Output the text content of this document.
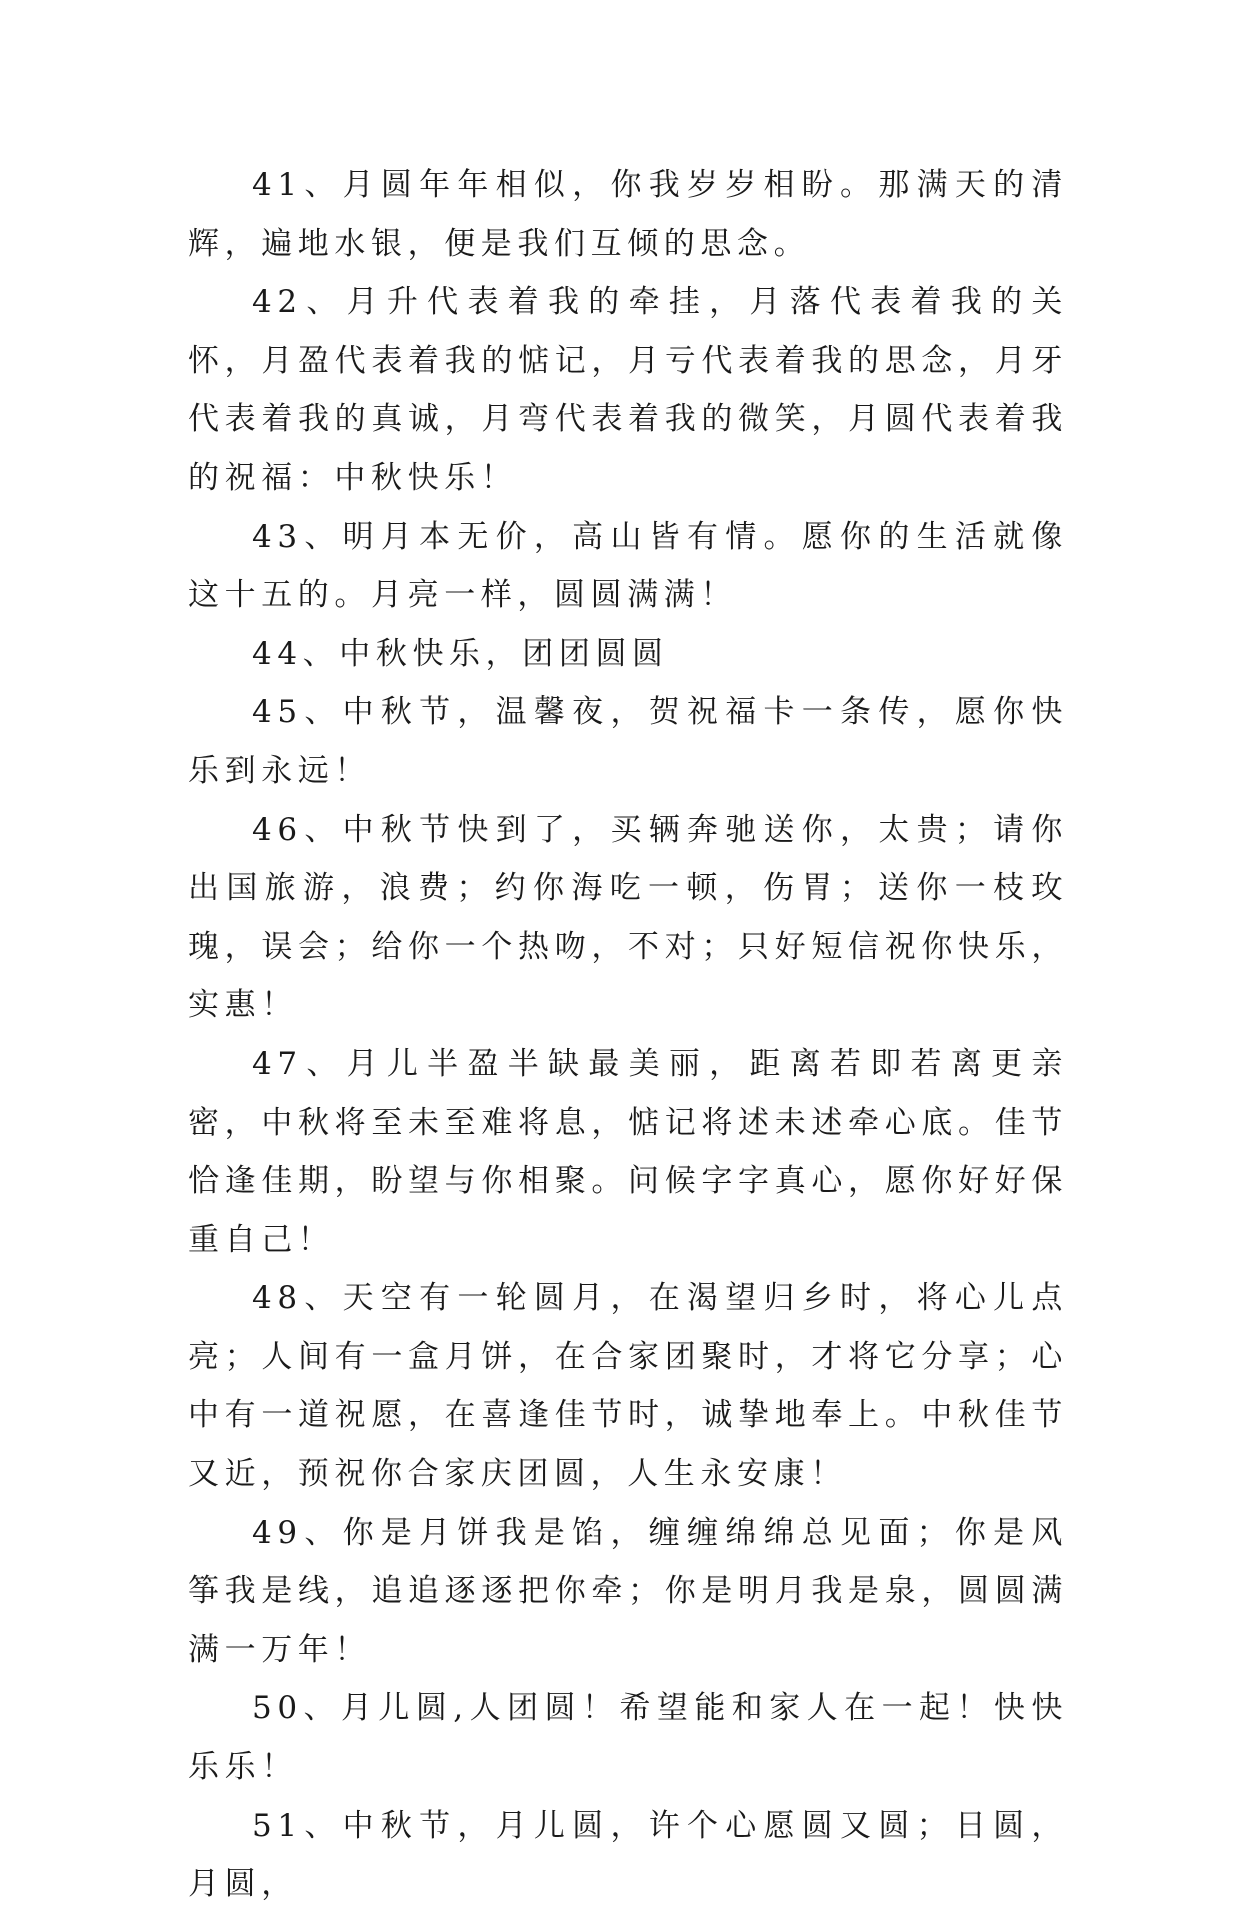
41、月圆年年相似，你我岁岁相盼。那满天的清辉，遍地水银，便是我们互倾的思念。

42、月升代表着我的牵挂，月落代表着我的关怀，月盈代表着我的惦记，月亏代表着我的思念，月牙代表着我的真诚，月弯代表着我的微笑，月圆代表着我的祝福：中秋快乐！

43、明月本无价，高山皆有情。愿你的生活就像这十五的。月亮一样，圆圆满满！

44、中秋快乐，团团圆圆

45、中秋节，温馨夜，贺祝福卡一条传，愿你快乐到永远！

46、中秋节快到了，买辆奔驰送你，太贵；请你出国旅游，浪费；约你海吃一顿，伤胃；送你一枝玫瑰，误会；给你一个热吻，不对；只好短信祝你快乐，实惠！

47、月儿半盈半缺最美丽，距离若即若离更亲密，中秋将至未至难将息，惦记将述未述牵心底。佳节恰逢佳期，盼望与你相聚。问候字字真心，愿你好好保重自己！

48、天空有一轮圆月，在渴望归乡时，将心儿点亮；人间有一盒月饼，在合家团聚时，才将它分享；心中有一道祝愿，在喜逢佳节时，诚挚地奉上。中秋佳节又近，预祝你合家庆团圆，人生永安康！

49、你是月饼我是馅，缠缠绵绵总见面；你是风筝我是线，追追逐逐把你牵；你是明月我是泉，圆圆满满一万年！

50、月儿圆,人团圆！希望能和家人在一起！快快乐乐！

51、中秋节，月儿圆，许个心愿圆又圆；日圆，月圆，
